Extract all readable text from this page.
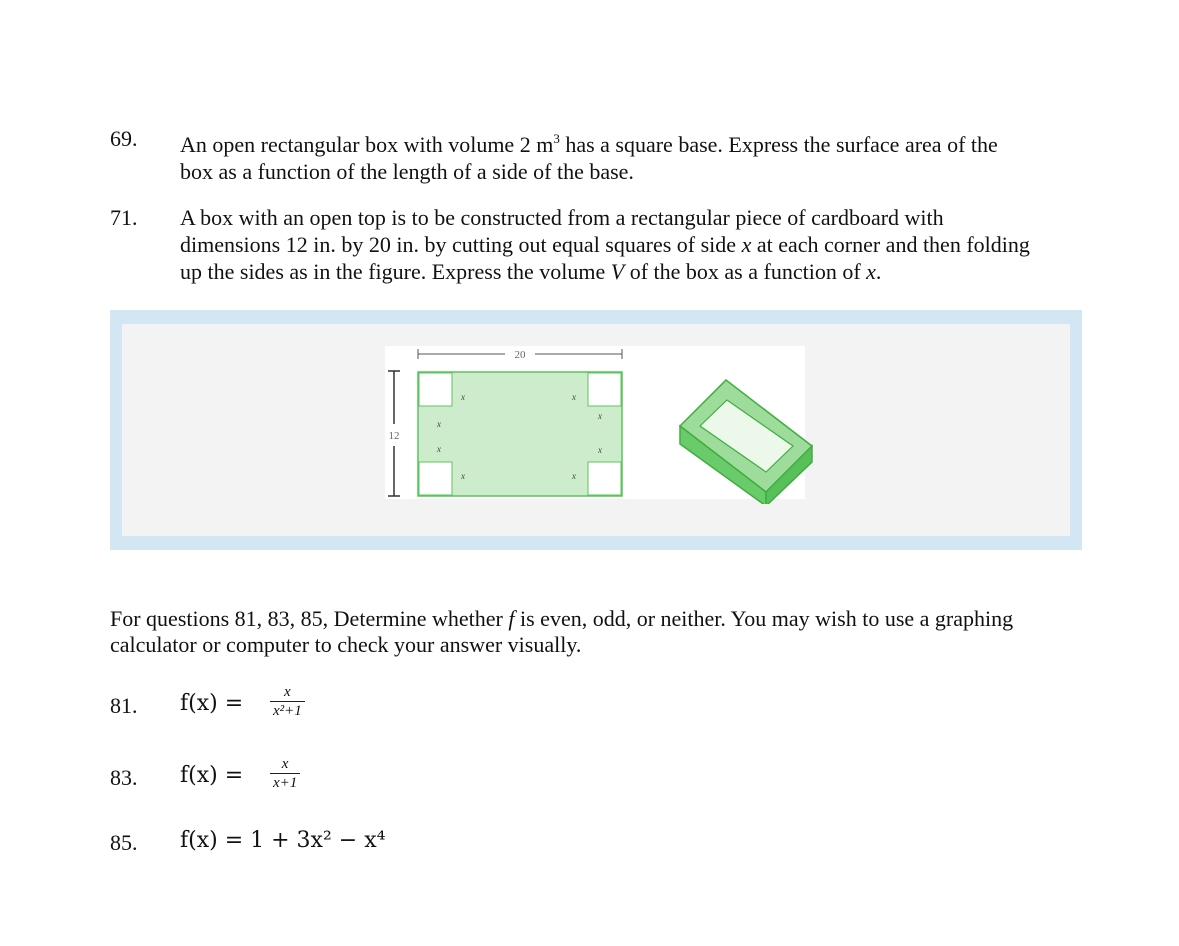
69. An open rectangular box with volume 2 $m^3$ has a square base. Express the surface area of the
box as a function of the length of a side of the base.
71. A box with an open top is to be constructed from a rectangular piece of cardboard with
dimensions 12 in. by 20 in. by cutting out equal squares of side x at each corner and then folding
up the sides as in the figure. Express the volume V of the box as a function of x.
20
12
x	x
x
x
x	x
x	x
For questions 81, 83, 85, Determine whether f is even, odd, or neither. You may wish to use a graphing
calculator or computer to check your answer visually.
81. $f(x) = \frac{x}{\text{x²+1}}$
83. $f(x) = \frac{x}{x+1}$
85. f(x) = 1 + 3x² − x⁴
